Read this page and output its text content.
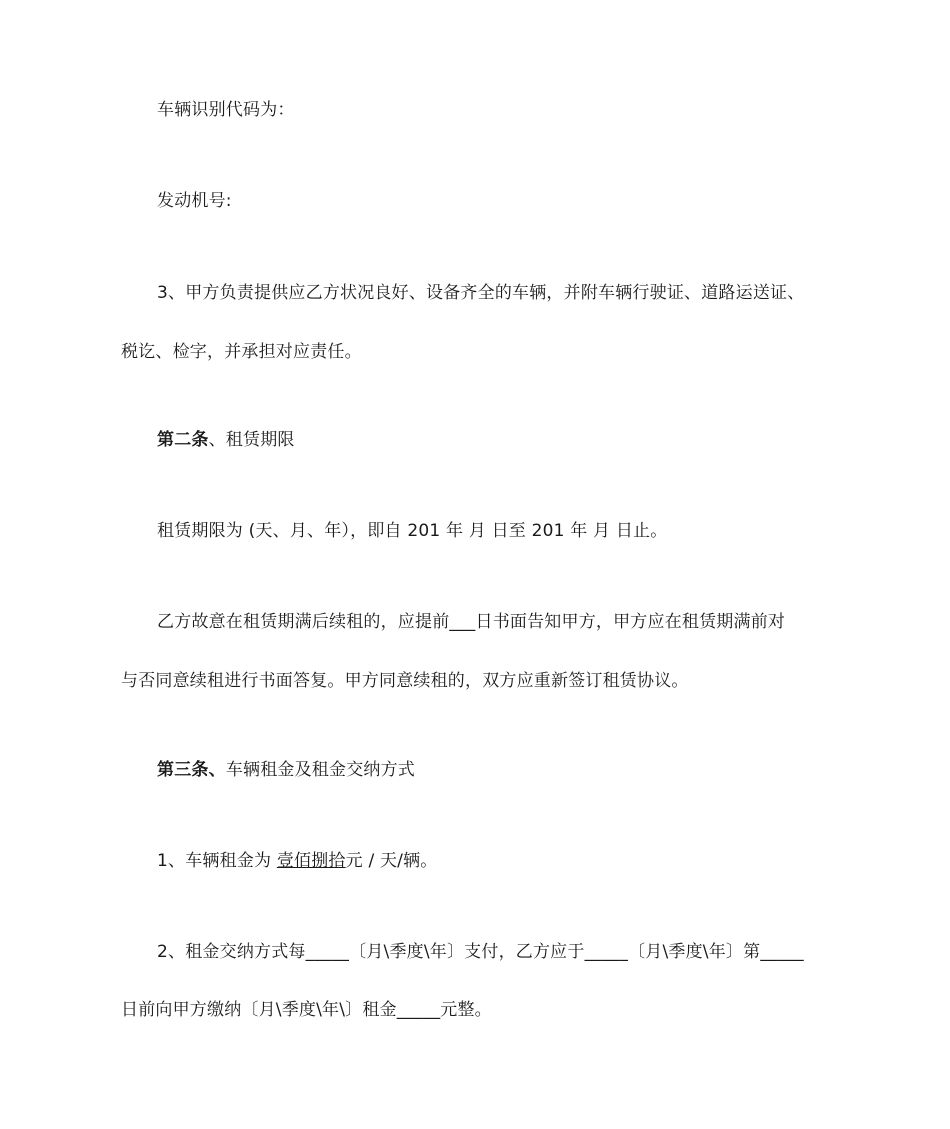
车辆识别代码为：
发动机号:
3、甲方负责提供应乙方状况良好、设备齐全的车辆，并附车辆行驶证、道路运送证、
税讫、检字，并承担对应责任。
第二条、租赁期限
租赁期限为 (天、月、年），即自 201 年 月 日至 201 年 月 日止。
乙方故意在租赁期满后续租的，应提前___日书面告知甲方，甲方应在租赁期满前对
与否同意续租进行书面答复。甲方同意续租的，双方应重新签订租赁协议。
第三条、车辆租金及租金交纳方式
1、车辆租金为 壹佰捌拾元 / 天/辆。
2、租金交纳方式每_____〔月\季度\年〕支付，乙方应于_____〔月\季度\年〕第_____
日前向甲方缴纳〔月\季度\年\〕租金_____元整。
